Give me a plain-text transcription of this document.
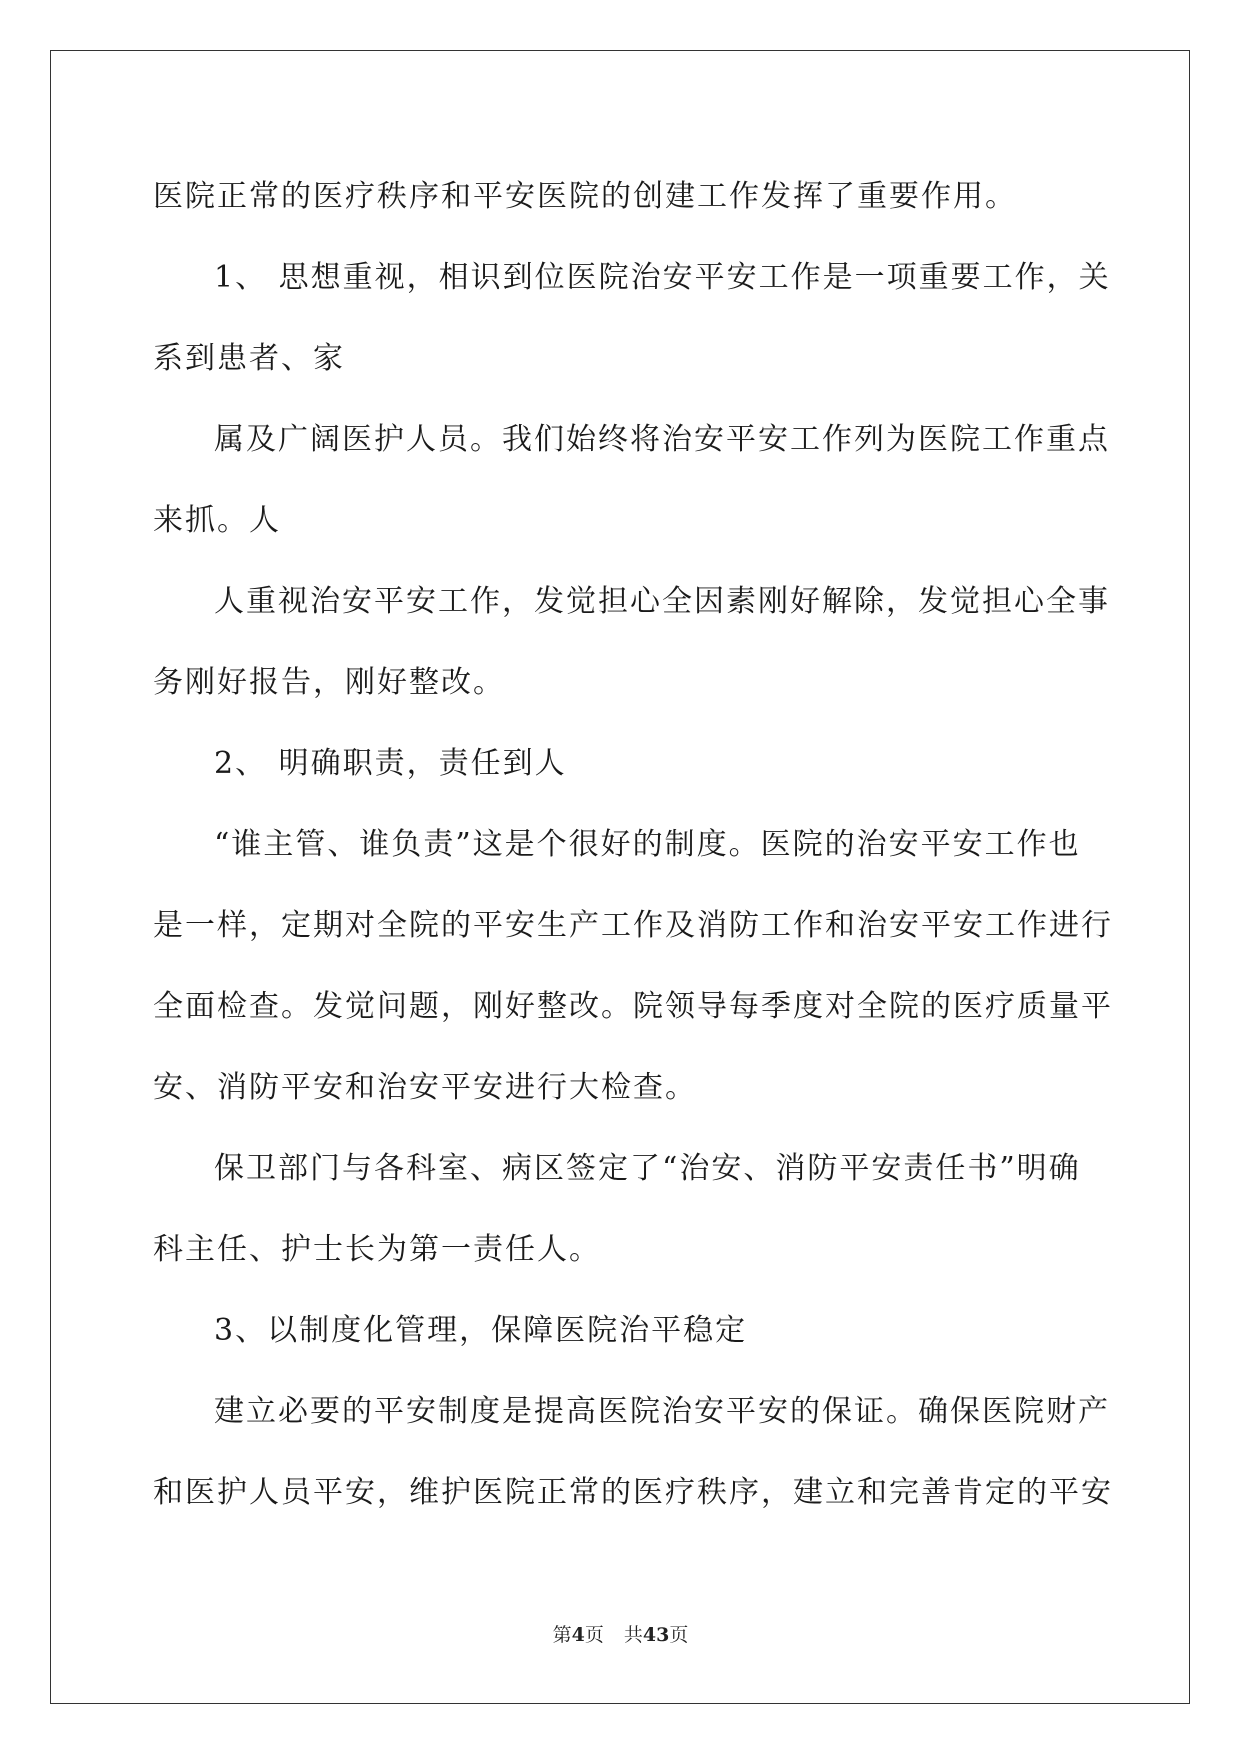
医院正常的医疗秩序和平安医院的创建工作发挥了重要作用。
1、 思想重视，相识到位医院治安平安工作是一项重要工作，关
系到患者、家
属及广阔医护人员。我们始终将治安平安工作列为医院工作重点
来抓。人
人重视治安平安工作，发觉担心全因素刚好解除，发觉担心全事
务刚好报告，刚好整改。
2、 明确职责，责任到人
“谁主管、谁负责”这是个很好的制度。医院的治安平安工作也
是一样，定期对全院的平安生产工作及消防工作和治安平安工作进行
全面检查。发觉问题，刚好整改。院领导每季度对全院的医疗质量平
安、消防平安和治安平安进行大检查。
保卫部门与各科室、病区签定了“治安、消防平安责任书”明确
科主任、护士长为第一责任人。
3、以制度化管理，保障医院治平稳定
建立必要的平安制度是提高医院治安平安的保证。确保医院财产
和医护人员平安，维护医院正常的医疗秩序，建立和完善肯定的平安
第4页 共43页
